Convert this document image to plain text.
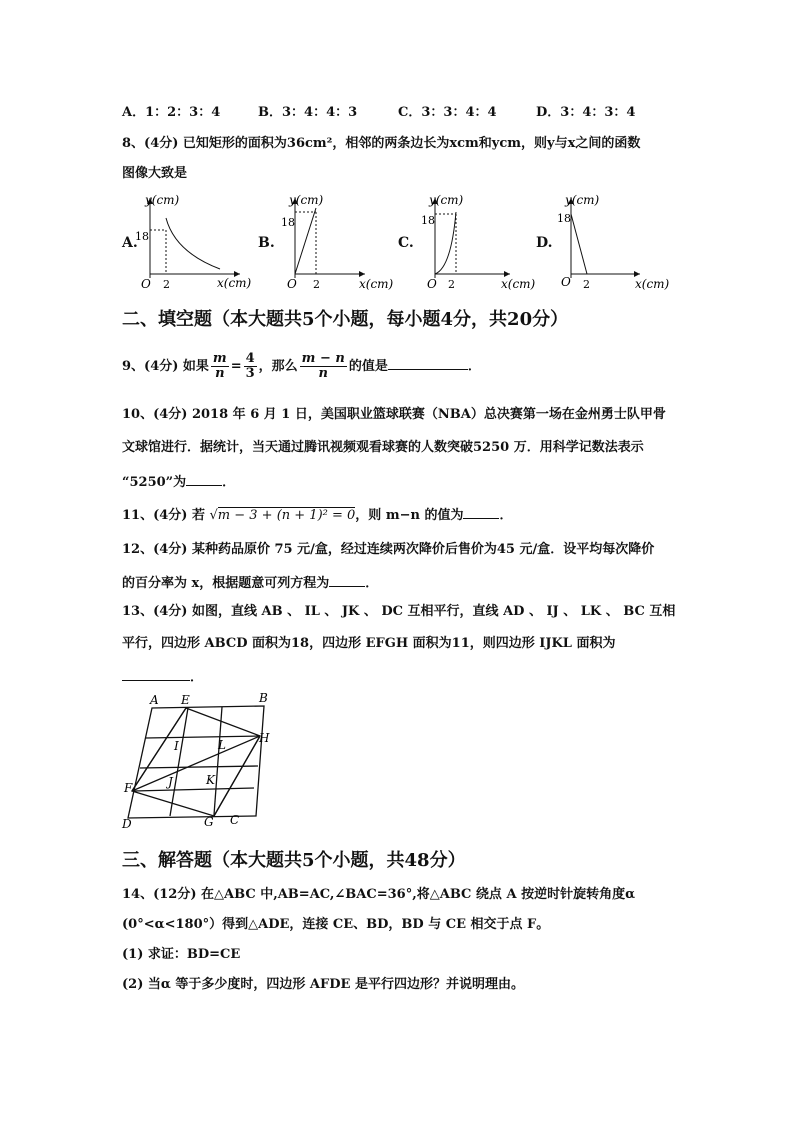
A．1：2：3：4	B．3：4：4：3	C．3：3：4：4	D．3：4：3：4
8、(4分) 已知矩形的面积为36cm²，相邻的两条边长为xcm和ycm，则y与x之间的函数
图像大致是
A.	B.	C.	D.
y(cm)
18
O 2	x(cm)
y(cm)
18
O 2	x(cm)
y(cm)
18
O 2	x(cm)
y(cm)
18
O 2	x(cm)
二、填空题（本大题共5个小题，每小题4分，共20分）
9、(4分) 如果 $\frac{m}{n} = \frac{4}{3}$ ，那么 $\frac{m - n}{n}$ 的值是	．
10、(4分) 2018 年 6 月 1 日，美国职业篮球联赛（NBA）总决赛第一场在金州勇士队甲骨
文球馆进行．据统计，当天通过腾讯视频观看球赛的人数突破5250 万．用科学记数法表示
“5250”为	．
11、(4分) 若 √m − 3 + (n + 1)² = 0，则 m−n 的值为	．
12、(4分) 某种药品原价 75 元/盒，经过连续两次降价后售价为45 元/盒．设平均每次降价
的百分率为 x，根据题意可列方程为	．
13、(4分) 如图，直线 AB 、 IL 、 JK 、 DC 互相平行，直线 AD 、 IJ 、 LK 、 BC 互相
平行，四边形 ABCD 面积为18，四边形 EFGH 面积为11，则四边形 IJKL 面积为
．
A E	B
H
I	L
J	K
F
D	G C
三、解答题（本大题共5个小题，共48分）
14、(12分) 在△ABC 中,AB=AC,∠BAC=36°,将△ABC 绕点 A 按逆时针旋转角度α
(0°<α<180°）得到△ADE，连接 CE、BD，BD 与 CE 相交于点 F。
(1) 求证：BD=CE
(2) 当α 等于多少度时，四边形 AFDE 是平行四边形？并说明理由。
